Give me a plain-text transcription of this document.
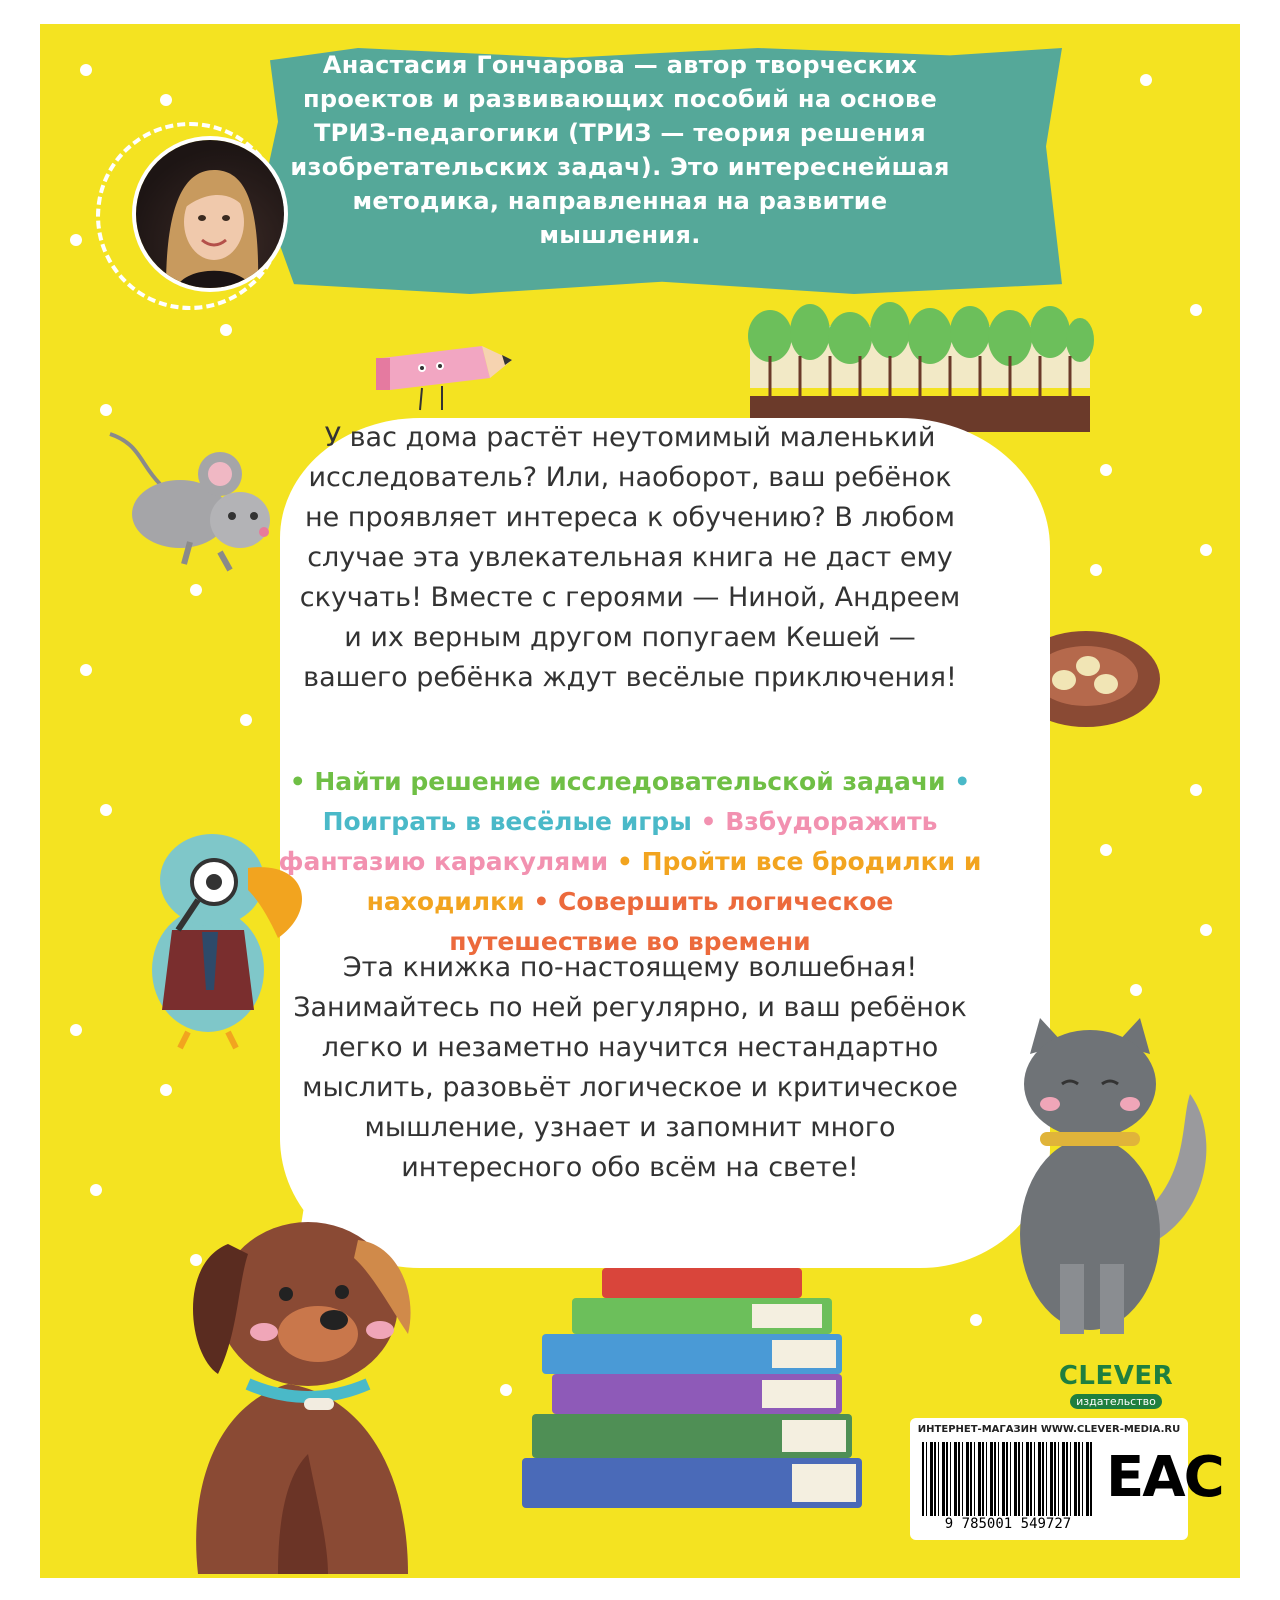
CLEVER
издательство
ИНТЕРНЕТ-МАГАЗИН WWW.CLEVER-MEDIA.RU
9 785001 549727
EAC

Анастасия Гончарова — автор творческих проектов и развивающих пособий на основе ТРИЗ-педагогики (ТРИЗ — теория решения изобретательских задач). Это интереснейшая методика, направленная на развитие мышления.

У вас дома растёт неутомимый маленький исследователь? Или, наоборот, ваш ребёнок не проявляет интереса к обучению? В любом случае эта увлекательная книга не даст ему скучать! Вместе с героями — Ниной, Андреем и их верным другом попугаем Кешей — вашего ребёнка ждут весёлые приключения!

• Найти решение исследовательской задачи • Поиграть в весёлые игры • Взбудоражить фантазию каракулями • Пройти все бродилки и находилки • Совершить логическое путешествие во времени

Эта книжка по-настоящему волшебная! Занимайтесь по ней регулярно, и ваш ребёнок легко и незаметно научится нестандартно мыслить, разовьёт логическое и критическое мышление, узнает и запомнит много интересного обо всём на свете!
